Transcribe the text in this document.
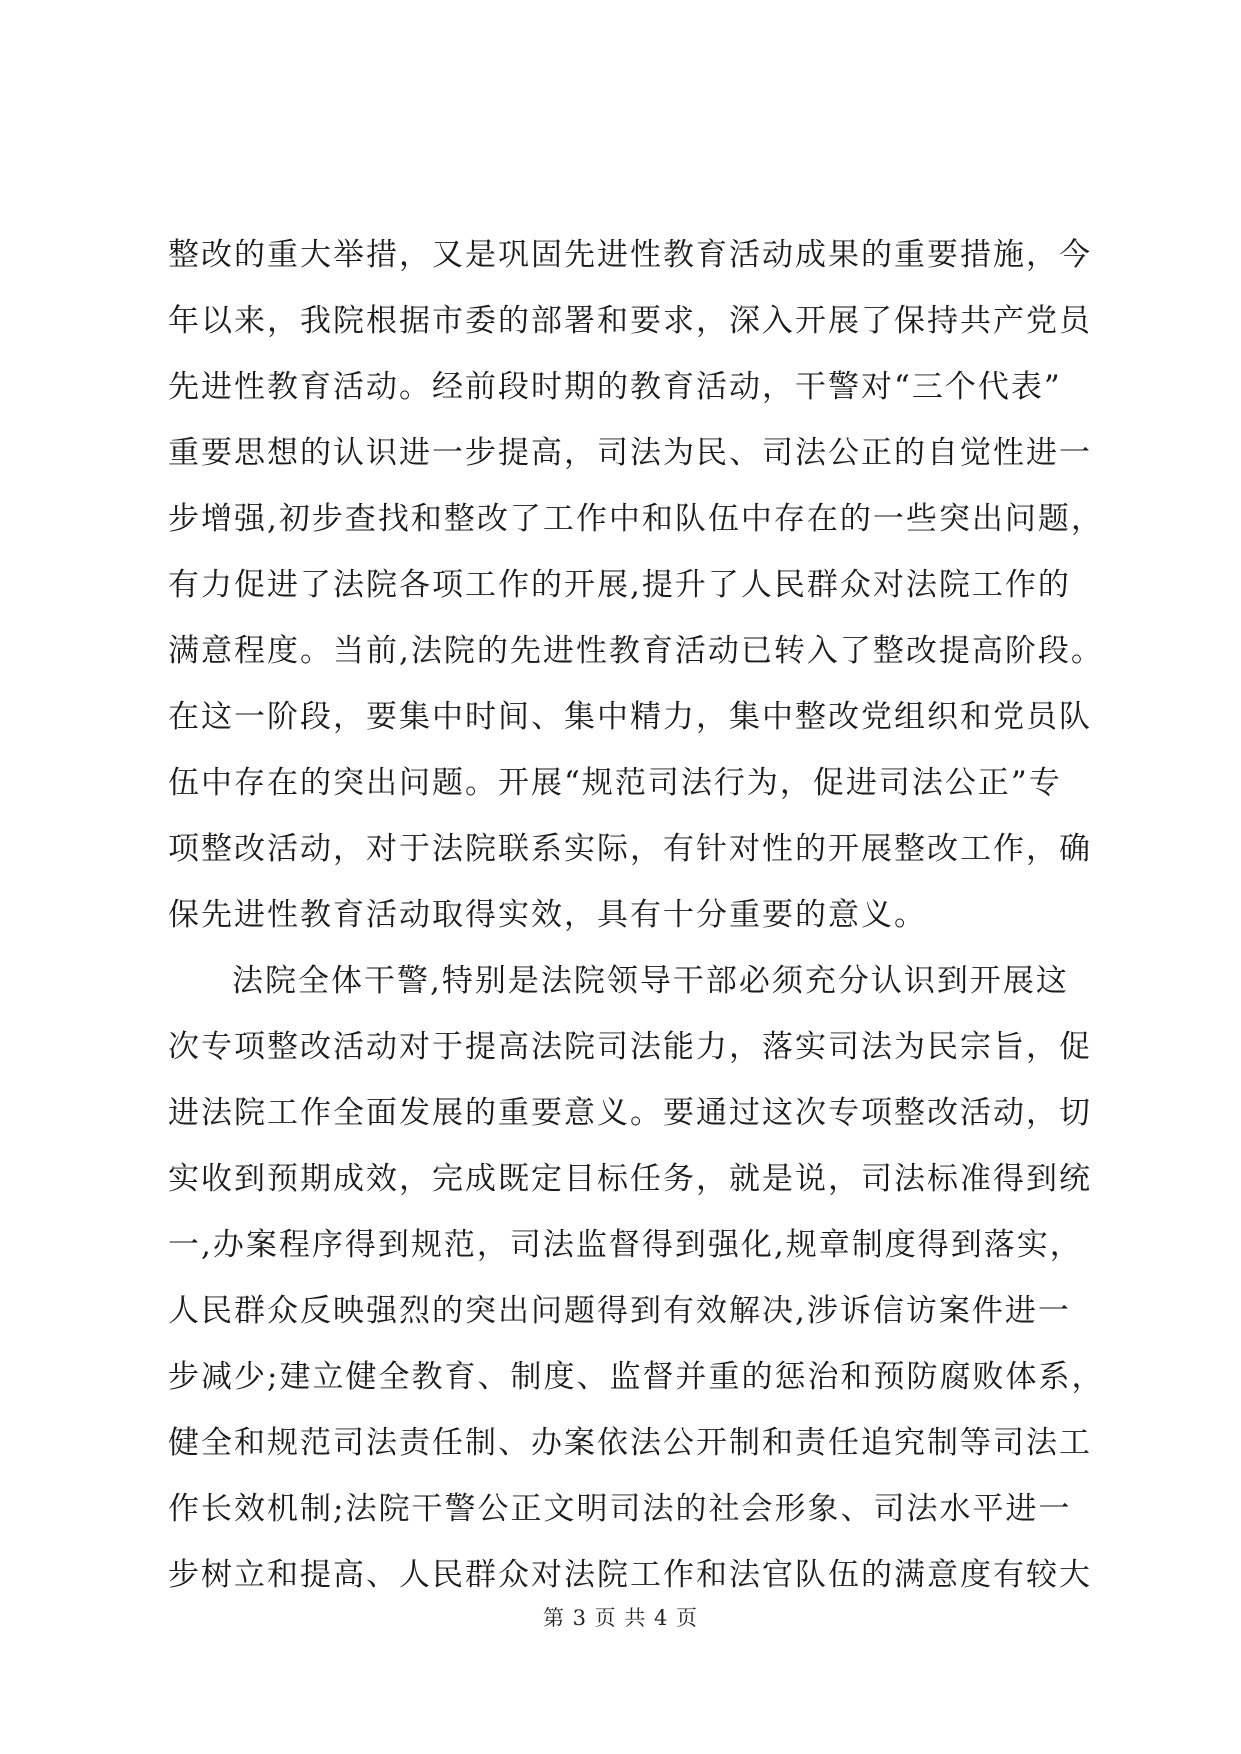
整改的重大举措，又是巩固先进性教育活动成果的重要措施，今
年以来，我院根据市委的部署和要求，深入开展了保持共产党员
先进性教育活动。经前段时期的教育活动，干警对“三个代表”
重要思想的认识进一步提高，司法为民、司法公正的自觉性进一
步增强,初步查找和整改了工作中和队伍中存在的一些突出问题，
有力促进了法院各项工作的开展,提升了人民群众对法院工作的
满意程度。当前,法院的先进性教育活动已转入了整改提高阶段。
在这一阶段，要集中时间、集中精力，集中整改党组织和党员队
伍中存在的突出问题。开展“规范司法行为，促进司法公正”专
项整改活动，对于法院联系实际，有针对性的开展整改工作，确
保先进性教育活动取得实效，具有十分重要的意义。
法院全体干警,特别是法院领导干部必须充分认识到开展这
次专项整改活动对于提高法院司法能力，落实司法为民宗旨，促
进法院工作全面发展的重要意义。要通过这次专项整改活动，切
实收到预期成效，完成既定目标任务，就是说，司法标准得到统
一,办案程序得到规范，司法监督得到强化,规章制度得到落实，
人民群众反映强烈的突出问题得到有效解决,涉诉信访案件进一
步减少;建立健全教育、制度、监督并重的惩治和预防腐败体系，
健全和规范司法责任制、办案依法公开制和责任追究制等司法工
作长效机制;法院干警公正文明司法的社会形象、司法水平进一
步树立和提高、人民群众对法院工作和法官队伍的满意度有较大
第 3 页 共 4 页
